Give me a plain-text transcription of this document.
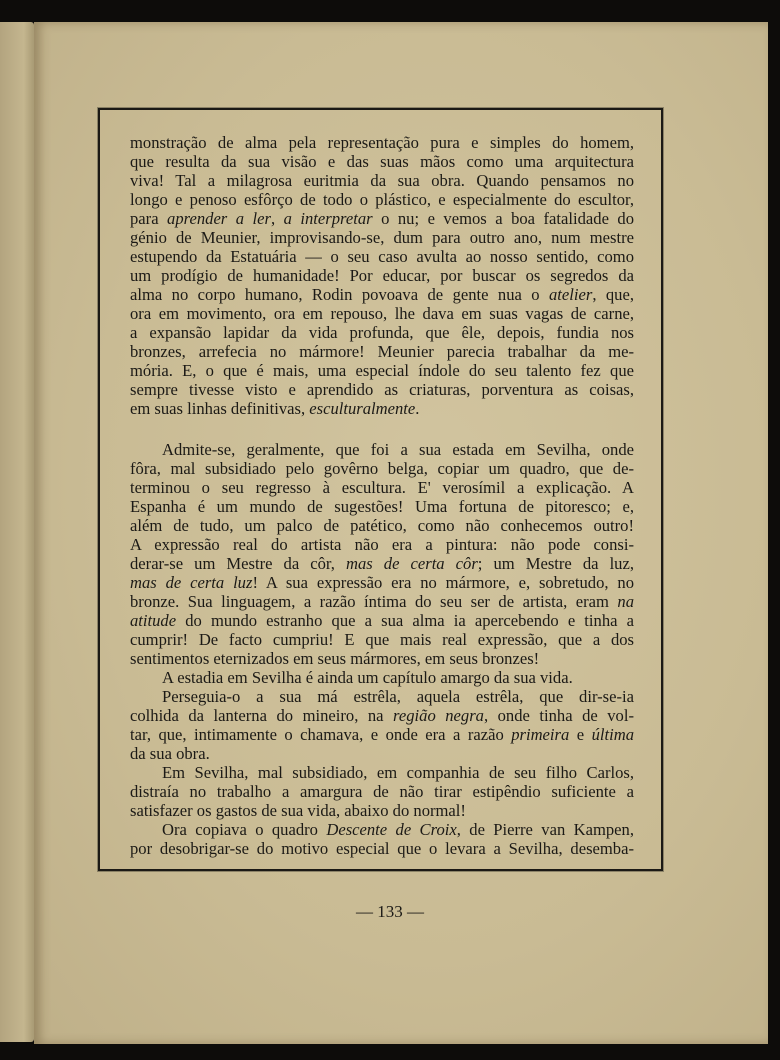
monstração de alma pela representação pura e simples do homem,
que resulta da sua visão e das suas mãos como uma arquitectura
viva! Tal a milagrosa euritmia da sua obra. Quando pensamos no
longo e penoso esfôrço de todo o plástico, e especialmente do escultor,
para aprender a ler, a interpretar o nu; e vemos a boa fatalidade do
génio de Meunier, improvisando-se, dum para outro ano, num mestre
estupendo da Estatuária — o seu caso avulta ao nosso sentido, como
um prodígio de humanidade! Por educar, por buscar os segredos da
alma no corpo humano, Rodin povoava de gente nua o atelier, que,
ora em movimento, ora em repouso, lhe dava em suas vagas de carne,
a expansão lapidar da vida profunda, que êle, depois, fundia nos
bronzes, arrefecia no mármore! Meunier parecia trabalhar da me-
mória. E, o que é mais, uma especial índole do seu talento fez que
sempre tivesse visto e aprendido as criaturas, porventura as coisas,
em suas linhas definitivas, esculturalmente.
Admite-se, geralmente, que foi a sua estada em Sevilha, onde
fôra, mal subsidiado pelo govêrno belga, copiar um quadro, que de-
terminou o seu regresso à escultura. E' verosímil a explicação. A
Espanha é um mundo de sugestões! Uma fortuna de pitoresco; e,
além de tudo, um palco de patético, como não conhecemos outro!
A expressão real do artista não era a pintura: não pode consi-
derar-se um Mestre da côr, mas de certa côr; um Mestre da luz,
mas de certa luz! A sua expressão era no mármore, e, sobretudo, no
bronze. Sua linguagem, a razão íntima do seu ser de artista, eram na
atitude do mundo estranho que a sua alma ia apercebendo e tinha a
cumprir! De facto cumpriu! E que mais real expressão, que a dos
sentimentos eternizados em seus mármores, em seus bronzes!
A estadia em Sevilha é ainda um capítulo amargo da sua vida.
Perseguia-o a sua má estrêla, aquela estrêla, que dir-se-ia
colhida da lanterna do mineiro, na região negra, onde tinha de vol-
tar, que, intimamente o chamava, e onde era a razão primeira e última
da sua obra.
Em Sevilha, mal subsidiado, em companhia de seu filho Carlos,
distraía no trabalho a amargura de não tirar estipêndio suficiente a
satisfazer os gastos de sua vida, abaixo do normal!
Ora copiava o quadro Descente de Croix, de Pierre van Kampen,
por desobrigar-se do motivo especial que o levara a Sevilha, desemba-
— 133 —
